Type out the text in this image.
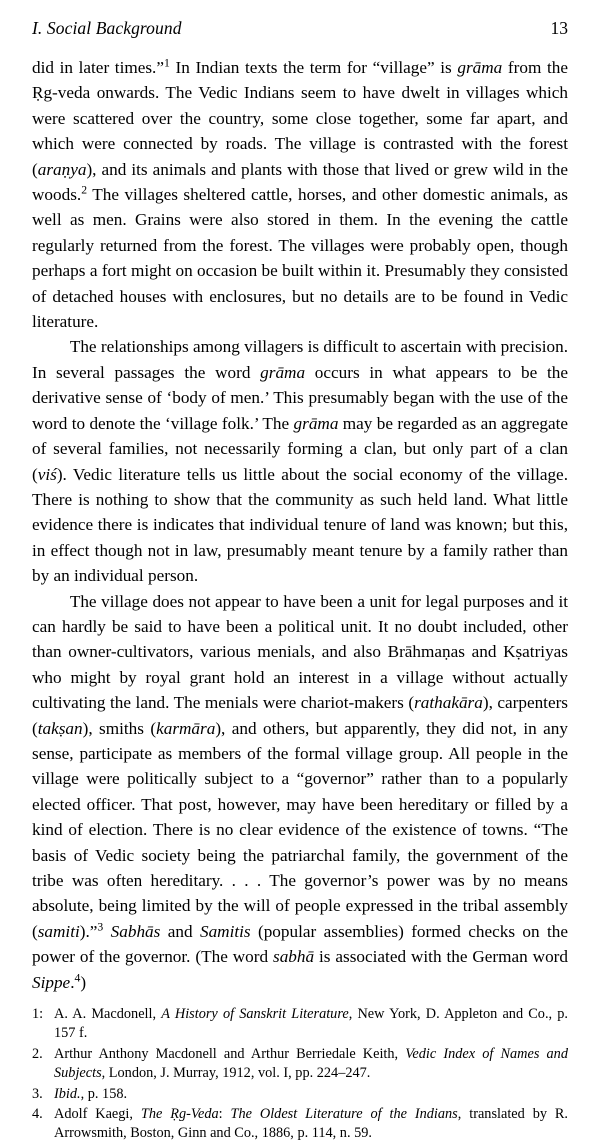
I. Social Background	13

did in later times.”$^1$ In Indian texts the term for “village” is grāma from the Ṛg-veda onwards. The Vedic Indians seem to have dwelt in villages which were scattered over the country, some close together, some far apart, and which were connected by roads. The village is contrasted with the forest (araṇya), and its animals and plants with those that lived or grew wild in the woods.$^2$ The villages sheltered cattle, horses, and other domestic animals, as well as men. Grains were also stored in them. In the evening the cattle regularly returned from the forest. The villages were probably open, though perhaps a fort might on occasion be built within it. Presumably they consisted of detached houses with enclosures, but no details are to be found in Vedic literature.

The relationships among villagers is difficult to ascertain with precision. In several passages the word grāma occurs in what appears to be the derivative sense of ‘body of men.’ This presumably began with the use of the word to denote the ‘village folk.’ The grāma may be regarded as an aggregate of several families, not necessarily forming a clan, but only part of a clan (viś). Vedic literature tells us little about the social economy of the village. There is nothing to show that the community as such held land. What little evidence there is indicates that individual tenure of land was known; but this, in effect though not in law, presumably meant tenure by a family rather than by an individual person.

The village does not appear to have been a unit for legal purposes and it can hardly be said to have been a political unit. It no doubt included, other than owner-cultivators, various menials, and also Brāhmaṇas and Kṣatriyas who might by royal grant hold an interest in a village without actually cultivating the land. The menials were chariot-makers (rathakāra), carpenters (takṣan), smiths (karmāra), and others, but apparently, they did not, in any sense, participate as members of the formal village group. All people in the village were politically subject to a “governor” rather than to a popularly elected officer. That post, however, may have been hereditary or filled by a kind of election. There is no clear evidence of the existence of towns. “The basis of Vedic society being the patriarchal family, the government of the tribe was often hereditary. . . . The governor’s power was by no means absolute, being limited by the will of people expressed in the tribal assembly (samiti).”$^3$ Sabhās and Samitis (popular assemblies) formed checks on the power of the governor. (The word sabhā is associated with the German word Sippe.$^4$)

1: A. A. Macdonell, A History of Sanskrit Literature, New York, D. Appleton and Co., p. 157 f.
2. Arthur Anthony Macdonell and Arthur Berriedale Keith, Vedic Index of Names and Subjects, London, J. Murray, 1912, vol. I, pp. 224–247.
3. Ibid., p. 158.
4. Adolf Kaegi, The Ṛg-Veda: The Oldest Literature of the Indians, translated by R. Arrowsmith, Boston, Ginn and Co., 1886, p. 114, n. 59.
